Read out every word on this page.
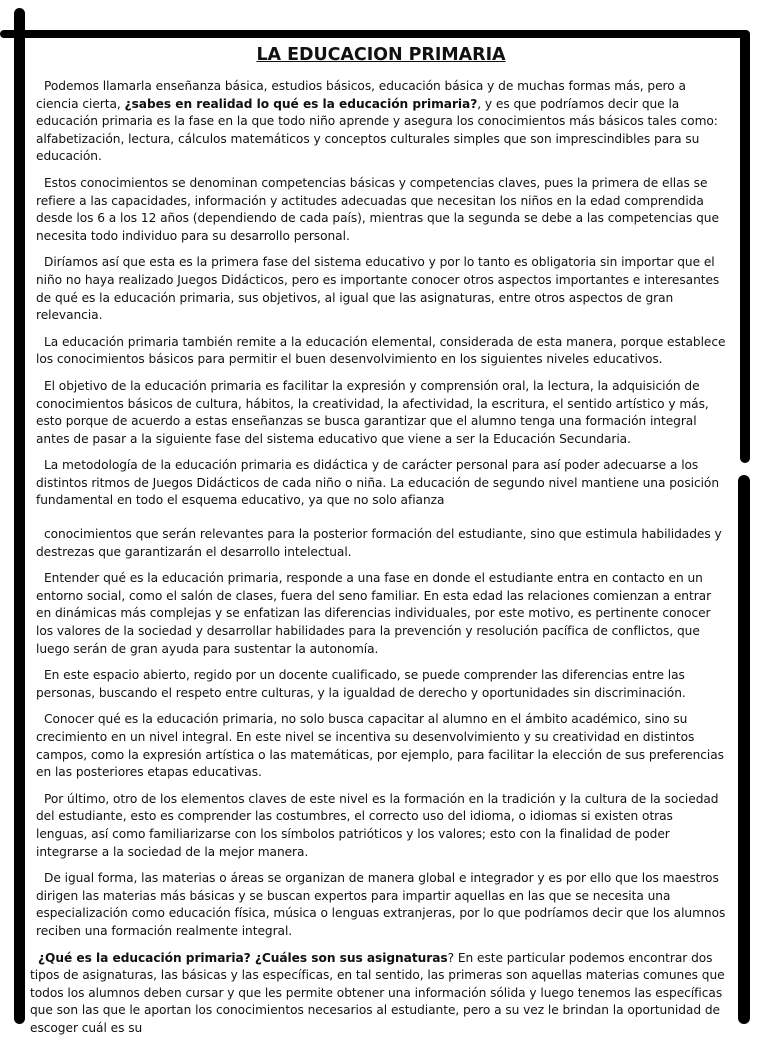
LA EDUCACION PRIMARIA

Podemos llamarla enseñanza básica, estudios básicos, educación básica y de muchas formas más, pero a ciencia cierta, ¿sabes en realidad lo qué es la educación primaria?, y es que podríamos decir que la educación primaria es la fase en la que todo niño aprende y asegura los conocimientos más básicos tales como: alfabetización, lectura, cálculos matemáticos y conceptos culturales simples que son imprescindibles para su educación.

Estos conocimientos se denominan competencias básicas y competencias claves, pues la primera de ellas se refiere a las capacidades, información y actitudes adecuadas que necesitan los niños en la edad comprendida desde los 6 a los 12 años (dependiendo de cada país), mientras que la segunda se debe a las competencias que necesita todo individuo para su desarrollo personal.

Diríamos así que esta es la primera fase del sistema educativo y por lo tanto es obligatoria sin importar que el niño no haya realizado Juegos Didácticos, pero es importante conocer otros aspectos importantes e interesantes de qué es la educación primaria, sus objetivos, al igual que las asignaturas, entre otros aspectos de gran relevancia.

La educación primaria también remite a la educación elemental, considerada de esta manera, porque establece los conocimientos básicos para permitir el buen desenvolvimiento en los siguientes niveles educativos.

El objetivo de la educación primaria es facilitar la expresión y comprensión oral, la lectura, la adquisición de conocimientos básicos de cultura, hábitos, la creatividad, la afectividad, la escritura, el sentido artístico y más, esto porque de acuerdo a estas enseñanzas se busca garantizar que el alumno tenga una formación integral antes de pasar a la siguiente fase del sistema educativo que viene a ser la Educación Secundaria.

La metodología de la educación primaria es didáctica y de carácter personal para así poder adecuarse a los distintos ritmos de Juegos Didácticos de cada niño o niña. La educación de segundo nivel mantiene una posición fundamental en todo el esquema educativo, ya que no solo afianza

conocimientos que serán relevantes para la posterior formación del estudiante, sino que estimula habilidades y destrezas que garantizarán el desarrollo intelectual.

Entender qué es la educación primaria, responde a una fase en donde el estudiante entra en contacto en un entorno social, como el salón de clases, fuera del seno familiar. En esta edad las relaciones comienzan a entrar en dinámicas más complejas y se enfatizan las diferencias individuales, por este motivo, es pertinente conocer los valores de la sociedad y desarrollar habilidades para la prevención y resolución pacífica de conflictos, que luego serán de gran ayuda para sustentar la autonomía.

En este espacio abierto, regido por un docente cualificado, se puede comprender las diferencias entre las personas, buscando el respeto entre culturas, y la igualdad de derecho y oportunidades sin discriminación.

Conocer qué es la educación primaria, no solo busca capacitar al alumno en el ámbito académico, sino su crecimiento en un nivel integral. En este nivel se incentiva su desenvolvimiento y su creatividad en distintos campos, como la expresión artística o las matemáticas, por ejemplo, para facilitar la elección de sus preferencias en las posteriores etapas educativas.

Por último, otro de los elementos claves de este nivel es la formación en la tradición y la cultura de la sociedad del estudiante, esto es comprender las costumbres, el correcto uso del idioma, o idiomas si existen otras lenguas, así como familiarizarse con los símbolos patrióticos y los valores; esto con la finalidad de poder integrarse a la sociedad de la mejor manera.

De igual forma, las materias o áreas se organizan de manera global e integrador y es por ello que los maestros dirigen las materias más básicas y se buscan expertos para impartir aquellas en las que se necesita una especialización como educación física, música o lenguas extranjeras, por lo que podríamos decir que los alumnos reciben una formación realmente integral.

¿Qué es la educación primaria? ¿Cuáles son sus asignaturas? En este particular podemos encontrar dos tipos de asignaturas, las básicas y las específicas, en tal sentido, las primeras son aquellas materias comunes que todos los alumnos deben cursar y que les permite obtener una información sólida y luego tenemos las específicas que son las que le aportan los conocimientos necesarios al estudiante, pero a su vez le brindan la oportunidad de escoger cuál es su
